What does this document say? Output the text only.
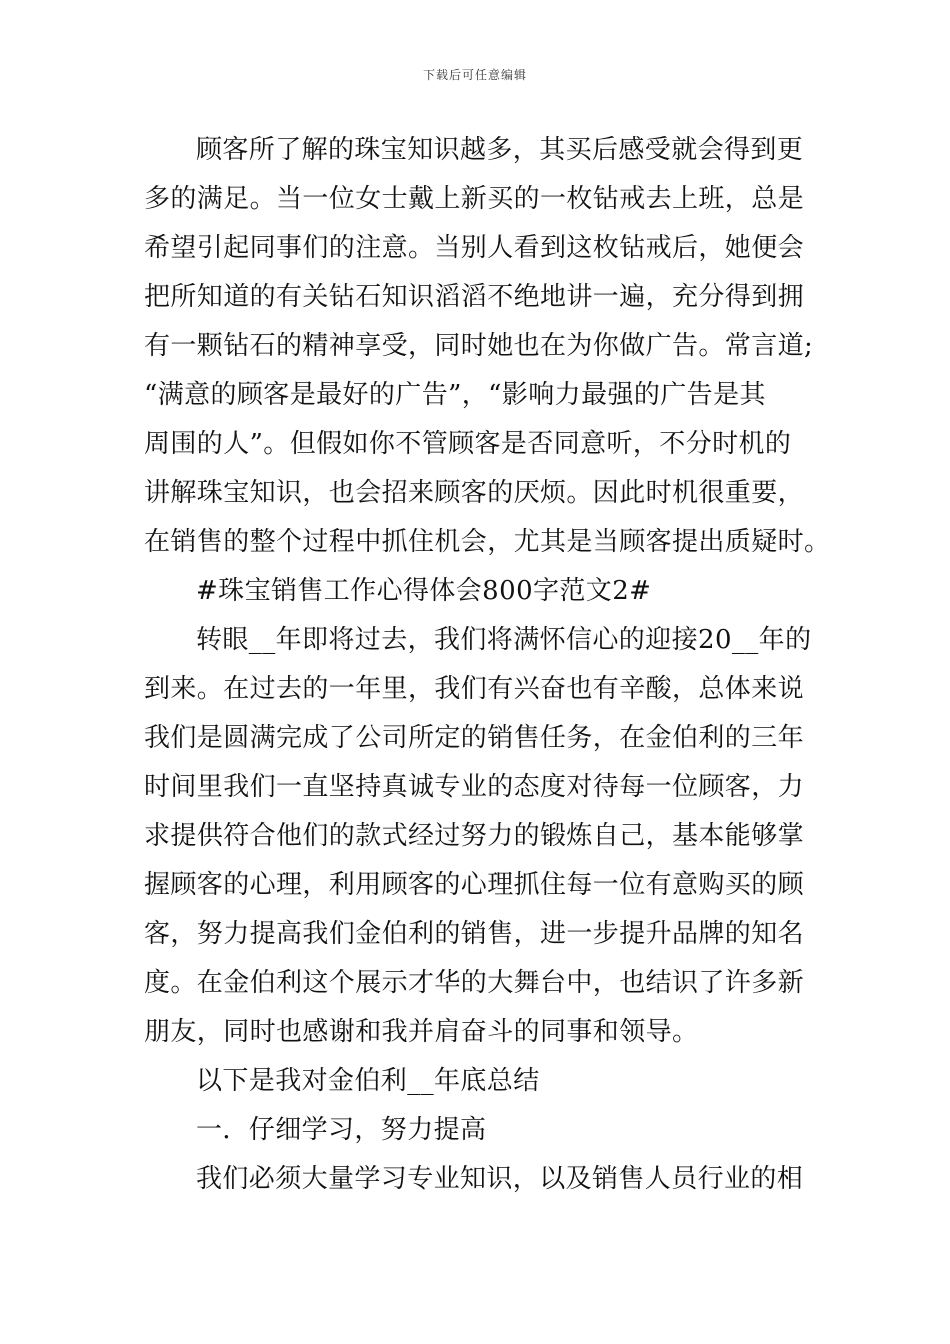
下载后可任意编辑
顾客所了解的珠宝知识越多，其买后感受就会得到更
多的满足。当一位女士戴上新买的一枚钻戒去上班，总是
希望引起同事们的注意。当别人看到这枚钻戒后，她便会
把所知道的有关钻石知识滔滔不绝地讲一遍，充分得到拥
有一颗钻石的精神享受，同时她也在为你做广告。常言道;
“满意的顾客是最好的广告”，“影响力最强的广告是其
周围的人”。但假如你不管顾客是否同意听，不分时机的
讲解珠宝知识，也会招来顾客的厌烦。因此时机很重要，
在销售的整个过程中抓住机会，尤其是当顾客提出质疑时。
#珠宝销售工作心得体会800字范文2#
转眼__年即将过去，我们将满怀信心的迎接20__年的
到来。在过去的一年里，我们有兴奋也有辛酸，总体来说
我们是圆满完成了公司所定的销售任务，在金伯利的三年
时间里我们一直坚持真诚专业的态度对待每一位顾客，力
求提供符合他们的款式经过努力的锻炼自己，基本能够掌
握顾客的心理，利用顾客的心理抓住每一位有意购买的顾
客，努力提高我们金伯利的销售，进一步提升品牌的知名
度。在金伯利这个展示才华的大舞台中，也结识了许多新
朋友，同时也感谢和我并肩奋斗的同事和领导。
以下是我对金伯利__年底总结
一．仔细学习，努力提高
我们必须大量学习专业知识，以及销售人员行业的相
